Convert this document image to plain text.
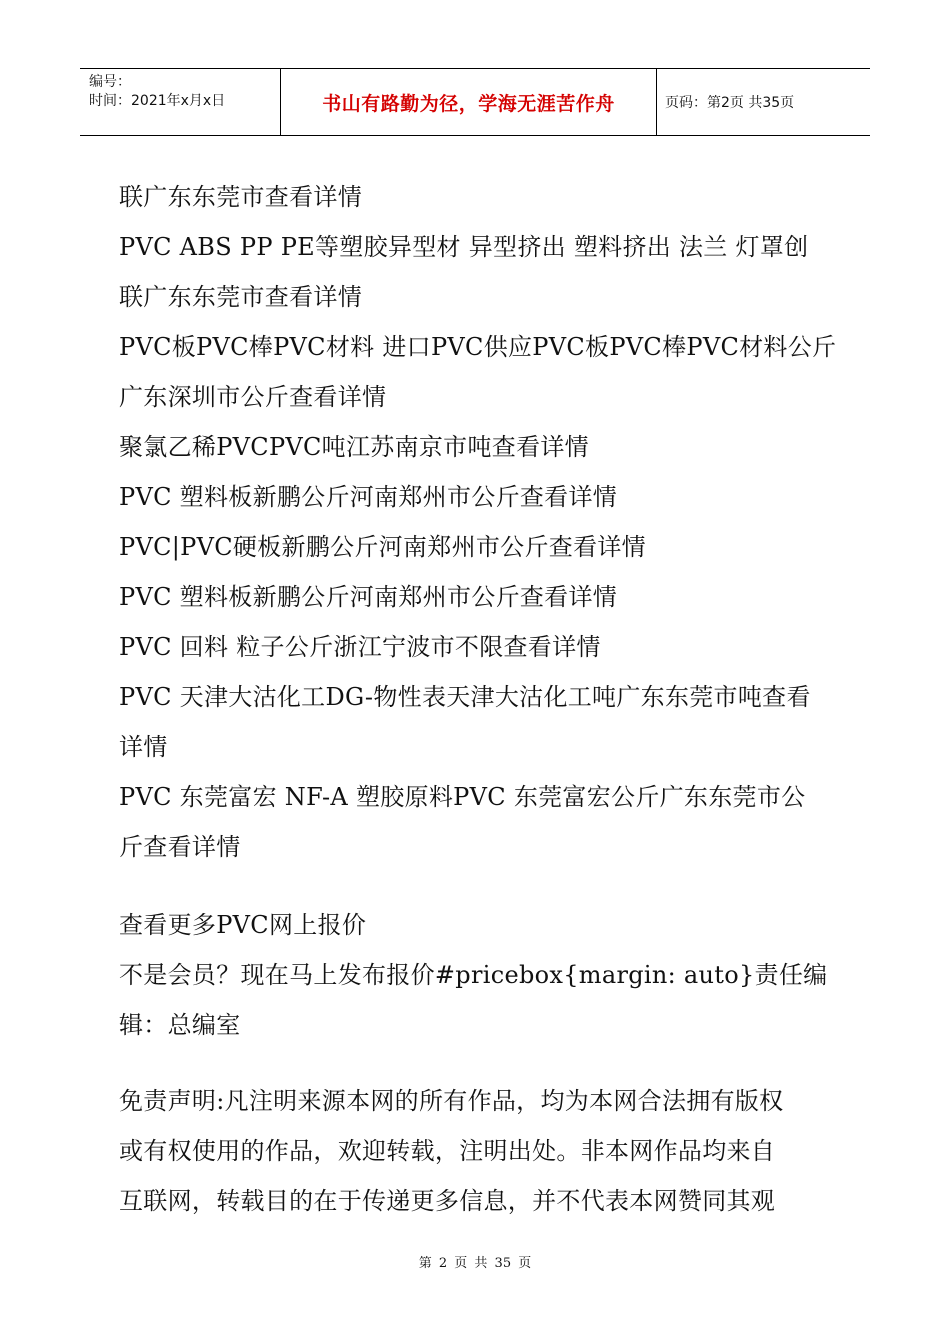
编号：
时间：2021年x月x日	书山有路勤为径，学海无涯苦作舟	页码：第2页 共35页
联广东东莞市查看详情
PVC ABS PP PE等塑胶异型材 异型挤出 塑料挤出 法兰 灯罩创
联广东东莞市查看详情
PVC板PVC棒PVC材料 进口PVC供应PVC板PVC棒PVC材料公斤
广东深圳市公斤查看详情
聚氯乙稀PVCPVC吨江苏南京市吨查看详情
PVC 塑料板新鹏公斤河南郑州市公斤查看详情
PVC|PVC硬板新鹏公斤河南郑州市公斤查看详情
PVC 塑料板新鹏公斤河南郑州市公斤查看详情
PVC 回料 粒子公斤浙江宁波市不限查看详情
PVC 天津大沽化工DG-物性表天津大沽化工吨广东东莞市吨查看
详情
PVC 东莞富宏 NF-A 塑胶原料PVC 东莞富宏公斤广东东莞市公
斤查看详情
查看更多PVC网上报价
不是会员？现在马上发布报价#pricebox{margin: auto}责任编
辑：总编室
免责声明:凡注明来源本网的所有作品，均为本网合法拥有版权
或有权使用的作品，欢迎转载，注明出处。非本网作品均来自
互联网，转载目的在于传递更多信息，并不代表本网赞同其观
第 2 页 共 35 页
